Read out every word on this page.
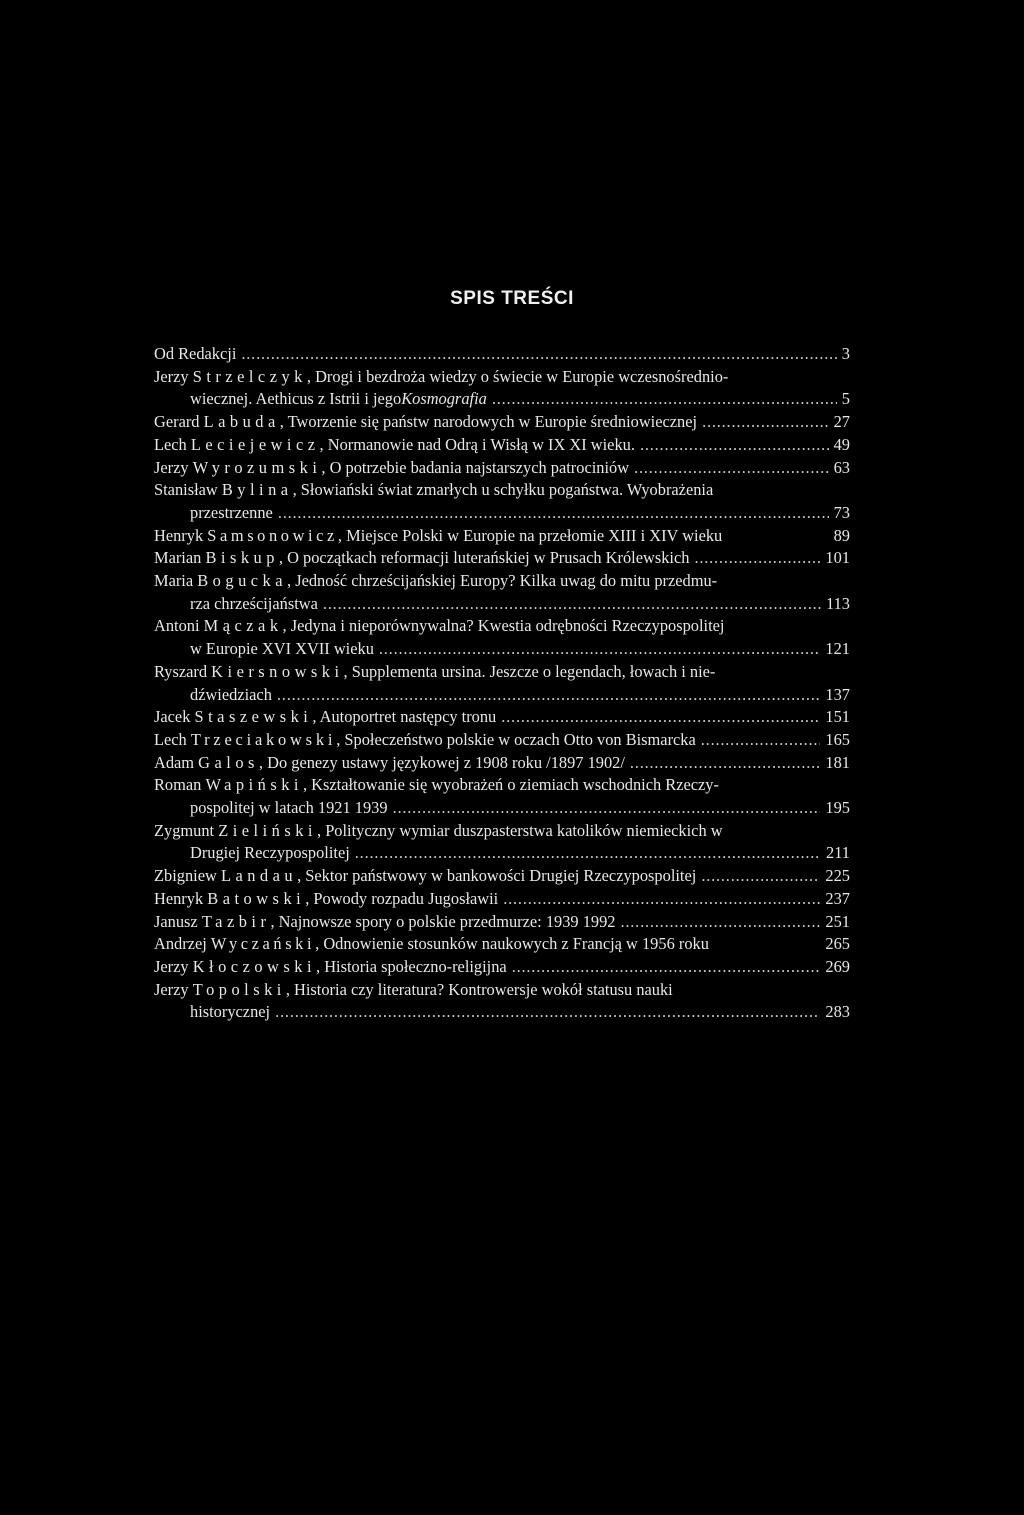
SPIS TREŚCI
Od Redakcji .....	3
Jerzy
Strzelczyk , Drogi i bezdroża wiedzy o świecie w Europie wczesnośrednio-
wiecznej. Aethicus z Istrii i jego Kosmografia .....	5
Gerard
Labuda , Tworzenie się państw narodowych w Europie średniowiecznej .....	27
Lech
Leciejewicz , Normanowie nad Odrą i Wisłą w IX XI wieku. .....	49
Jerzy
Wyrozumski , O potrzebie badania najstarszych patrociniów .....	63
Stanisław
Bylina , Słowiański świat zmarłych u schyłku pogaństwa. Wyobrażenia
przestrzenne .....	73
Henryk
Samsonowicz , Miejsce Polski w Europie na przełomie XIII i XIV wieku	89
Marian
Biskup , O początkach reformacji luterańskiej w Prusach Królewskich .....	101
Maria
Bogucka , Jedność chrześcijańskiej Europy? Kilka uwag do mitu przedmu-
rza chrześcijaństwa .....	113
Antoni
Mączak , Jedyna i nieporównywalna? Kwestia odrębności Rzeczypospolitej
w Europie XVI XVII wieku .....	121
Ryszard
Kiersnowski , Supplementa ursina. Jeszcze o legendach, łowach i nie-
dźwiedziach .....	137
Jacek
Staszewski , Autoportret następcy tronu .....	151
Lech
Trzeciakowski , Społeczeństwo polskie w oczach Otto von Bismarcka .....	165
Adam
Galos , Do genezy ustawy językowej z 1908 roku /1897 1902/ .....	181
Roman
Wapiński , Kształtowanie się wyobrażeń o ziemiach wschodnich Rzeczy-
pospolitej w latach 1921 1939 .....	195
Zygmunt
Zieliński , Polityczny wymiar duszpasterstwa katolików niemieckich w
Drugiej Reczypospolitej .....	211
Zbigniew
Landau , Sektor państwowy w bankowości Drugiej Rzeczypospolitej .....	225
Henryk
Batowski , Powody rozpadu Jugosławii .....	237
Janusz
Tazbir , Najnowsze spory o polskie przedmurze: 1939 1992 .....	251
Andrzej
Wyczański , Odnowienie stosunków naukowych z Francją w 1956 roku	265
Jerzy
Kłoczowski , Historia społeczno-religijna .....	269
Jerzy
Topolski , Historia czy literatura? Kontrowersje wokół statusu nauki
historycznej .....	283
